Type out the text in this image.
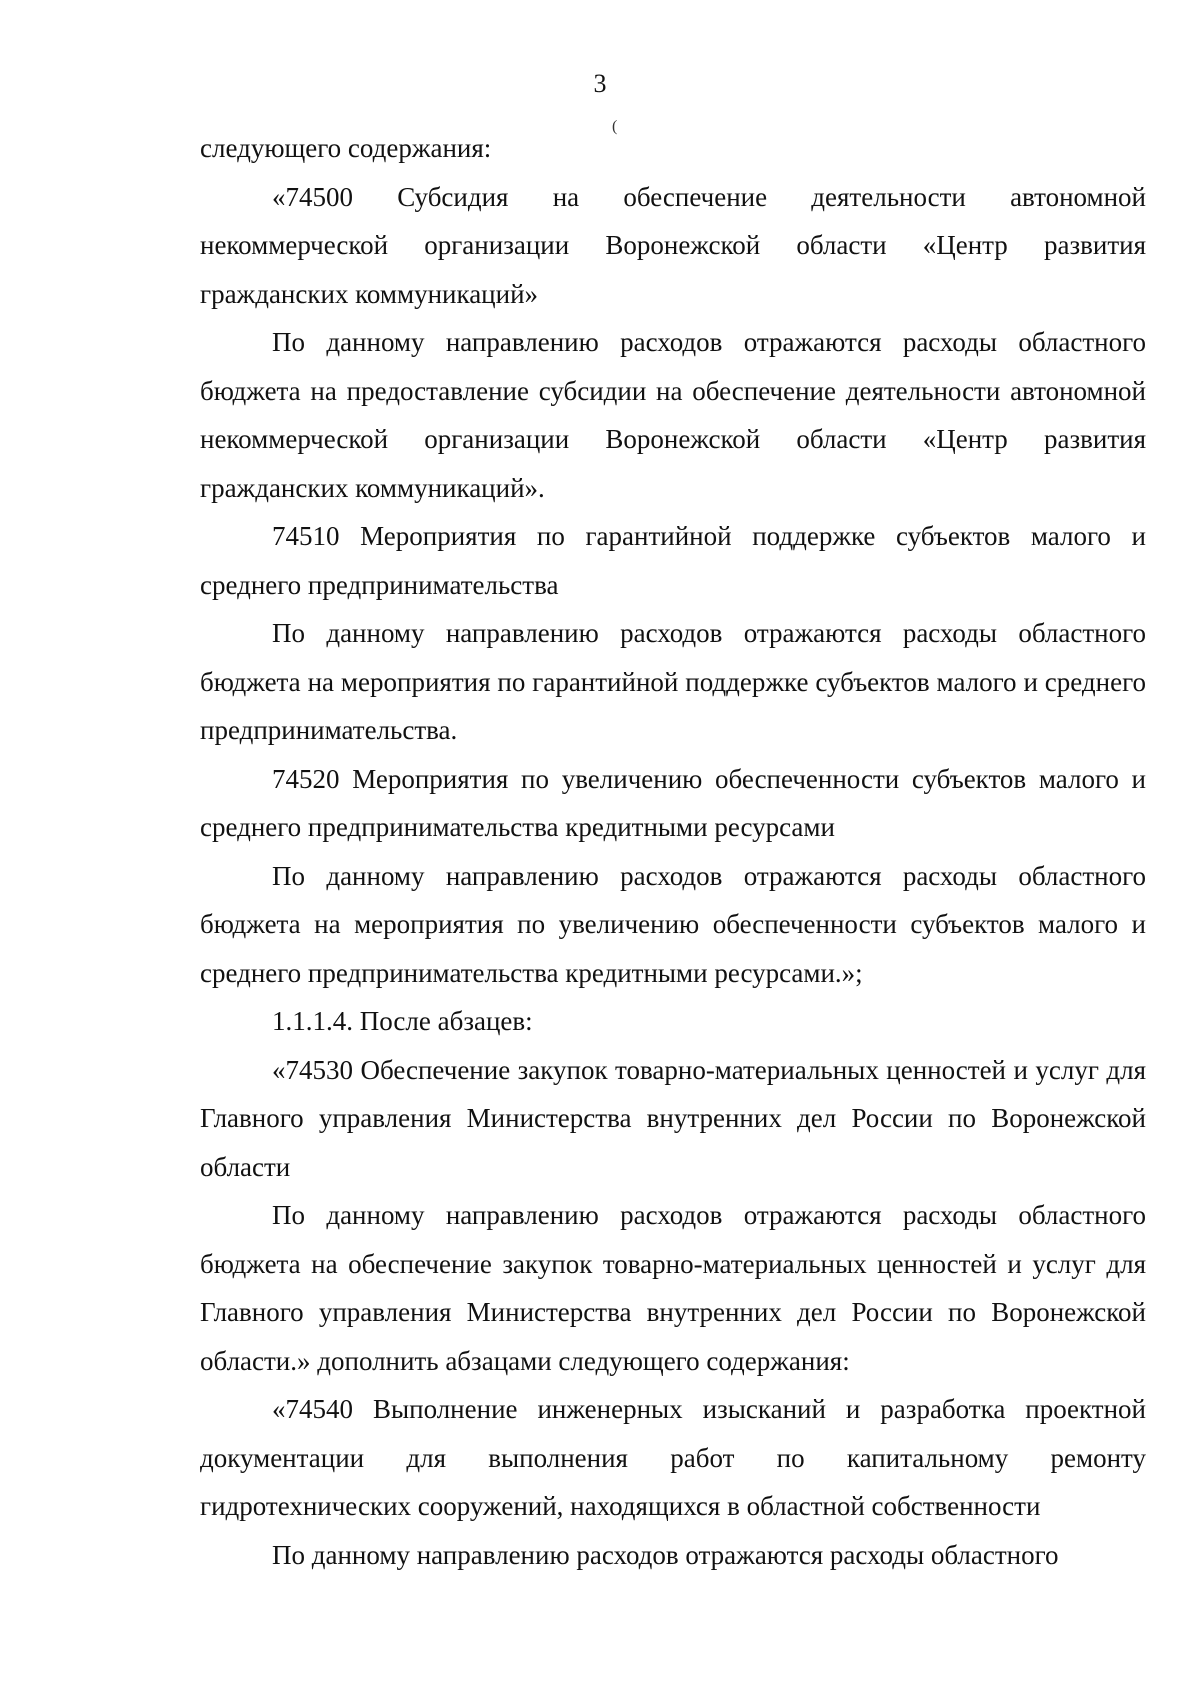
3
(

следующего содержания:

«74500 Субсидия на обеспечение деятельности автономной некоммерческой организации Воронежской области «Центр развития гражданских коммуникаций»

По данному направлению расходов отражаются расходы областного бюджета на предоставление субсидии на обеспечение деятельности автономной некоммерческой организации Воронежской области «Центр развития гражданских коммуникаций».

74510 Мероприятия по гарантийной поддержке субъектов малого и среднего предпринимательства

По данному направлению расходов отражаются расходы областного бюджета на мероприятия по гарантийной поддержке субъектов малого и среднего предпринимательства.

74520 Мероприятия по увеличению обеспеченности субъектов малого и среднего предпринимательства кредитными ресурсами

По данному направлению расходов отражаются расходы областного бюджета на мероприятия по увеличению обеспеченности субъектов малого и среднего предпринимательства кредитными ресурсами.»;

1.1.1.4. После абзацев:

«74530 Обеспечение закупок товарно-материальных ценностей и услуг для Главного управления Министерства внутренних дел России по Воронежской области

По данному направлению расходов отражаются расходы областного бюджета на обеспечение закупок товарно-материальных ценностей и услуг для Главного управления Министерства внутренних дел России по Воронежской области.» дополнить абзацами следующего содержания:

«74540 Выполнение инженерных изысканий и разработка проектной документации для выполнения работ по капитальному ремонту гидротехнических сооружений, находящихся в областной собственности

По данному направлению расходов отражаются расходы областного
